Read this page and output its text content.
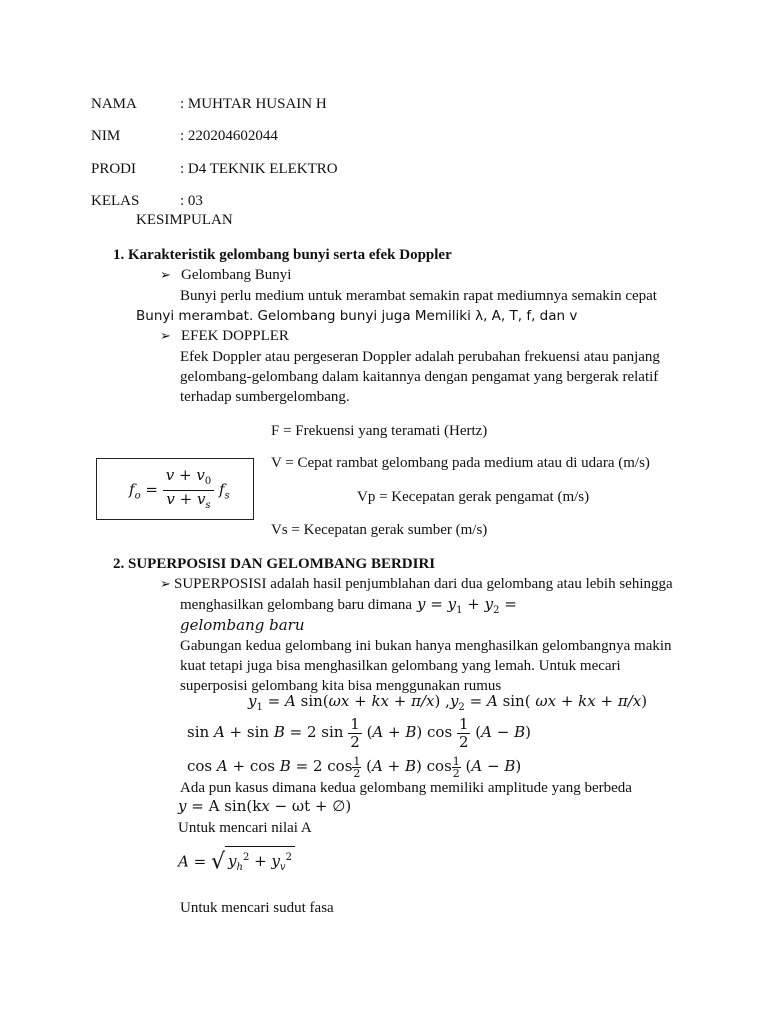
NAMA	: MUHTAR HUSAIN H
NIM	: 220204602044
PRODI	: D4 TEKNIK ELEKTRO
KELAS	: 03
KESIMPULAN
1. Karakteristik gelombang bunyi serta efek Doppler
➢ Gelombang Bunyi
Bunyi perlu medium untuk merambat semakin rapat mediumnya semakin cepat
Bunyi merambat. Gelombang bunyi juga Memiliki λ, A, T, f, dan v
➢ EFEK DOPPLER
Efek Doppler atau pergeseran Doppler adalah perubahan frekuensi atau panjang
gelombang-gelombang dalam kaitannya dengan pengamat yang bergerak relatif
terhadap sumbergelombang.
F = Frekuensi yang teramati (Hertz)
V = Cepat rambat gelombang pada medium atau di udara (m/s)
Vp = Kecepatan gerak pengamat (m/s)
Vs = Kecepatan gerak sumber (m/s)
$f_o = \frac{v + v_0}{v + v_s} f_s$
2. SUPERPOSISI DAN GELOMBANG BERDIRI
➢ SUPERPOSISI adalah hasil penjumblahan dari dua gelombang atau lebih sehingga
menghasilkan gelombang baru dimana $y = y_1 + y_2$ =
gelombang baru
Gabungan kedua gelombang ini bukan hanya menghasilkan gelombangnya makin
kuat tetapi juga bisa menghasilkan gelombang yang lemah. Untuk mecari
superposisi gelombang kita bisa menggunakan rumus
$y_1 = A$ sin(ωx + kx + π/x) $,y_2 = A$ sin( ωx + kx + π/x)
sin A + sin B = 2 $\sin \frac{1}{2} (A + B)$ $\cos \frac{1}{2} (A - B)$
cos A + cos B = 2 $\cos \frac{1}{2} (A + B)$ $\cos \frac{1}{2} (A - B)$
Ada pun kasus dimana kedua gelombang memiliki amplitude yang berbeda
y = A sin(kx − ωt + ∅)
Untuk mencari nilai A
A = √ $y_h^2 + y_v^2$
Untuk mencari sudut fasa
